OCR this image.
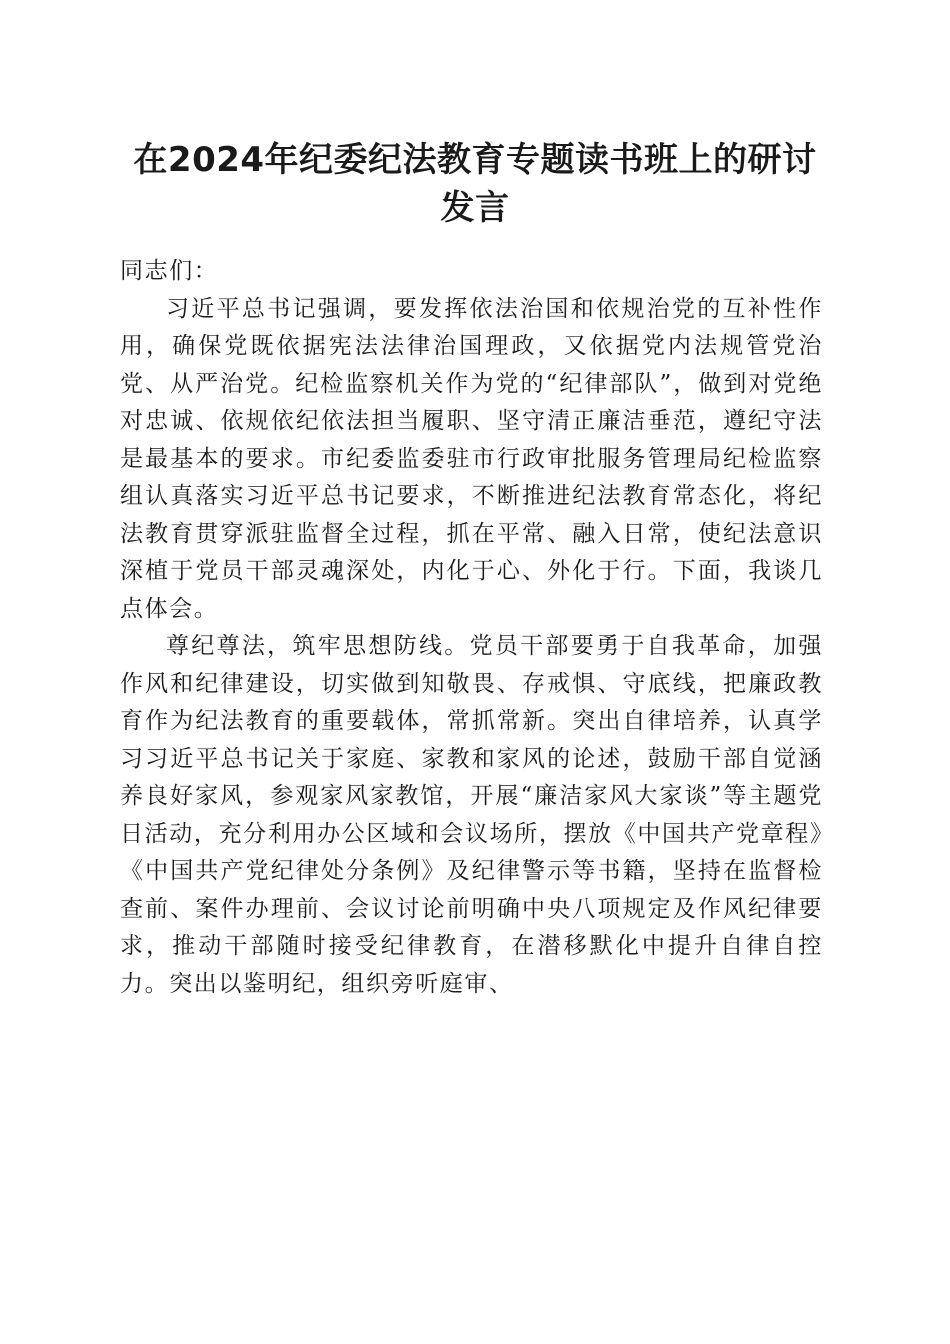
在2024年纪委纪法教育专题读书班上的研讨发言

同志们：

习近平总书记强调，要发挥依法治国和依规治党的互补性作用，确保党既依据宪法法律治国理政，又依据党内法规管党治党、从严治党。纪检监察机关作为党的“纪律部队”，做到对党绝对忠诚、依规依纪依法担当履职、坚守清正廉洁垂范，遵纪守法是最基本的要求。市纪委监委驻市行政审批服务管理局纪检监察组认真落实习近平总书记要求，不断推进纪法教育常态化，将纪法教育贯穿派驻监督全过程，抓在平常、融入日常，使纪法意识深植于党员干部灵魂深处，内化于心、外化于行。下面，我谈几点体会。

尊纪尊法，筑牢思想防线。党员干部要勇于自我革命，加强作风和纪律建设，切实做到知敬畏、存戒惧、守底线，把廉政教育作为纪法教育的重要载体，常抓常新。突出自律培养，认真学习习近平总书记关于家庭、家教和家风的论述，鼓励干部自觉涵养良好家风，参观家风家教馆，开展“廉洁家风大家谈”等主题党日活动，充分利用办公区域和会议场所，摆放《中国共产党章程》《中国共产党纪律处分条例》及纪律警示等书籍，坚持在监督检查前、案件办理前、会议讨论前明确中央八项规定及作风纪律要求，推动干部随时接受纪律教育，在潜移默化中提升自律自控力。突出以鉴明纪，组织旁听庭审、
